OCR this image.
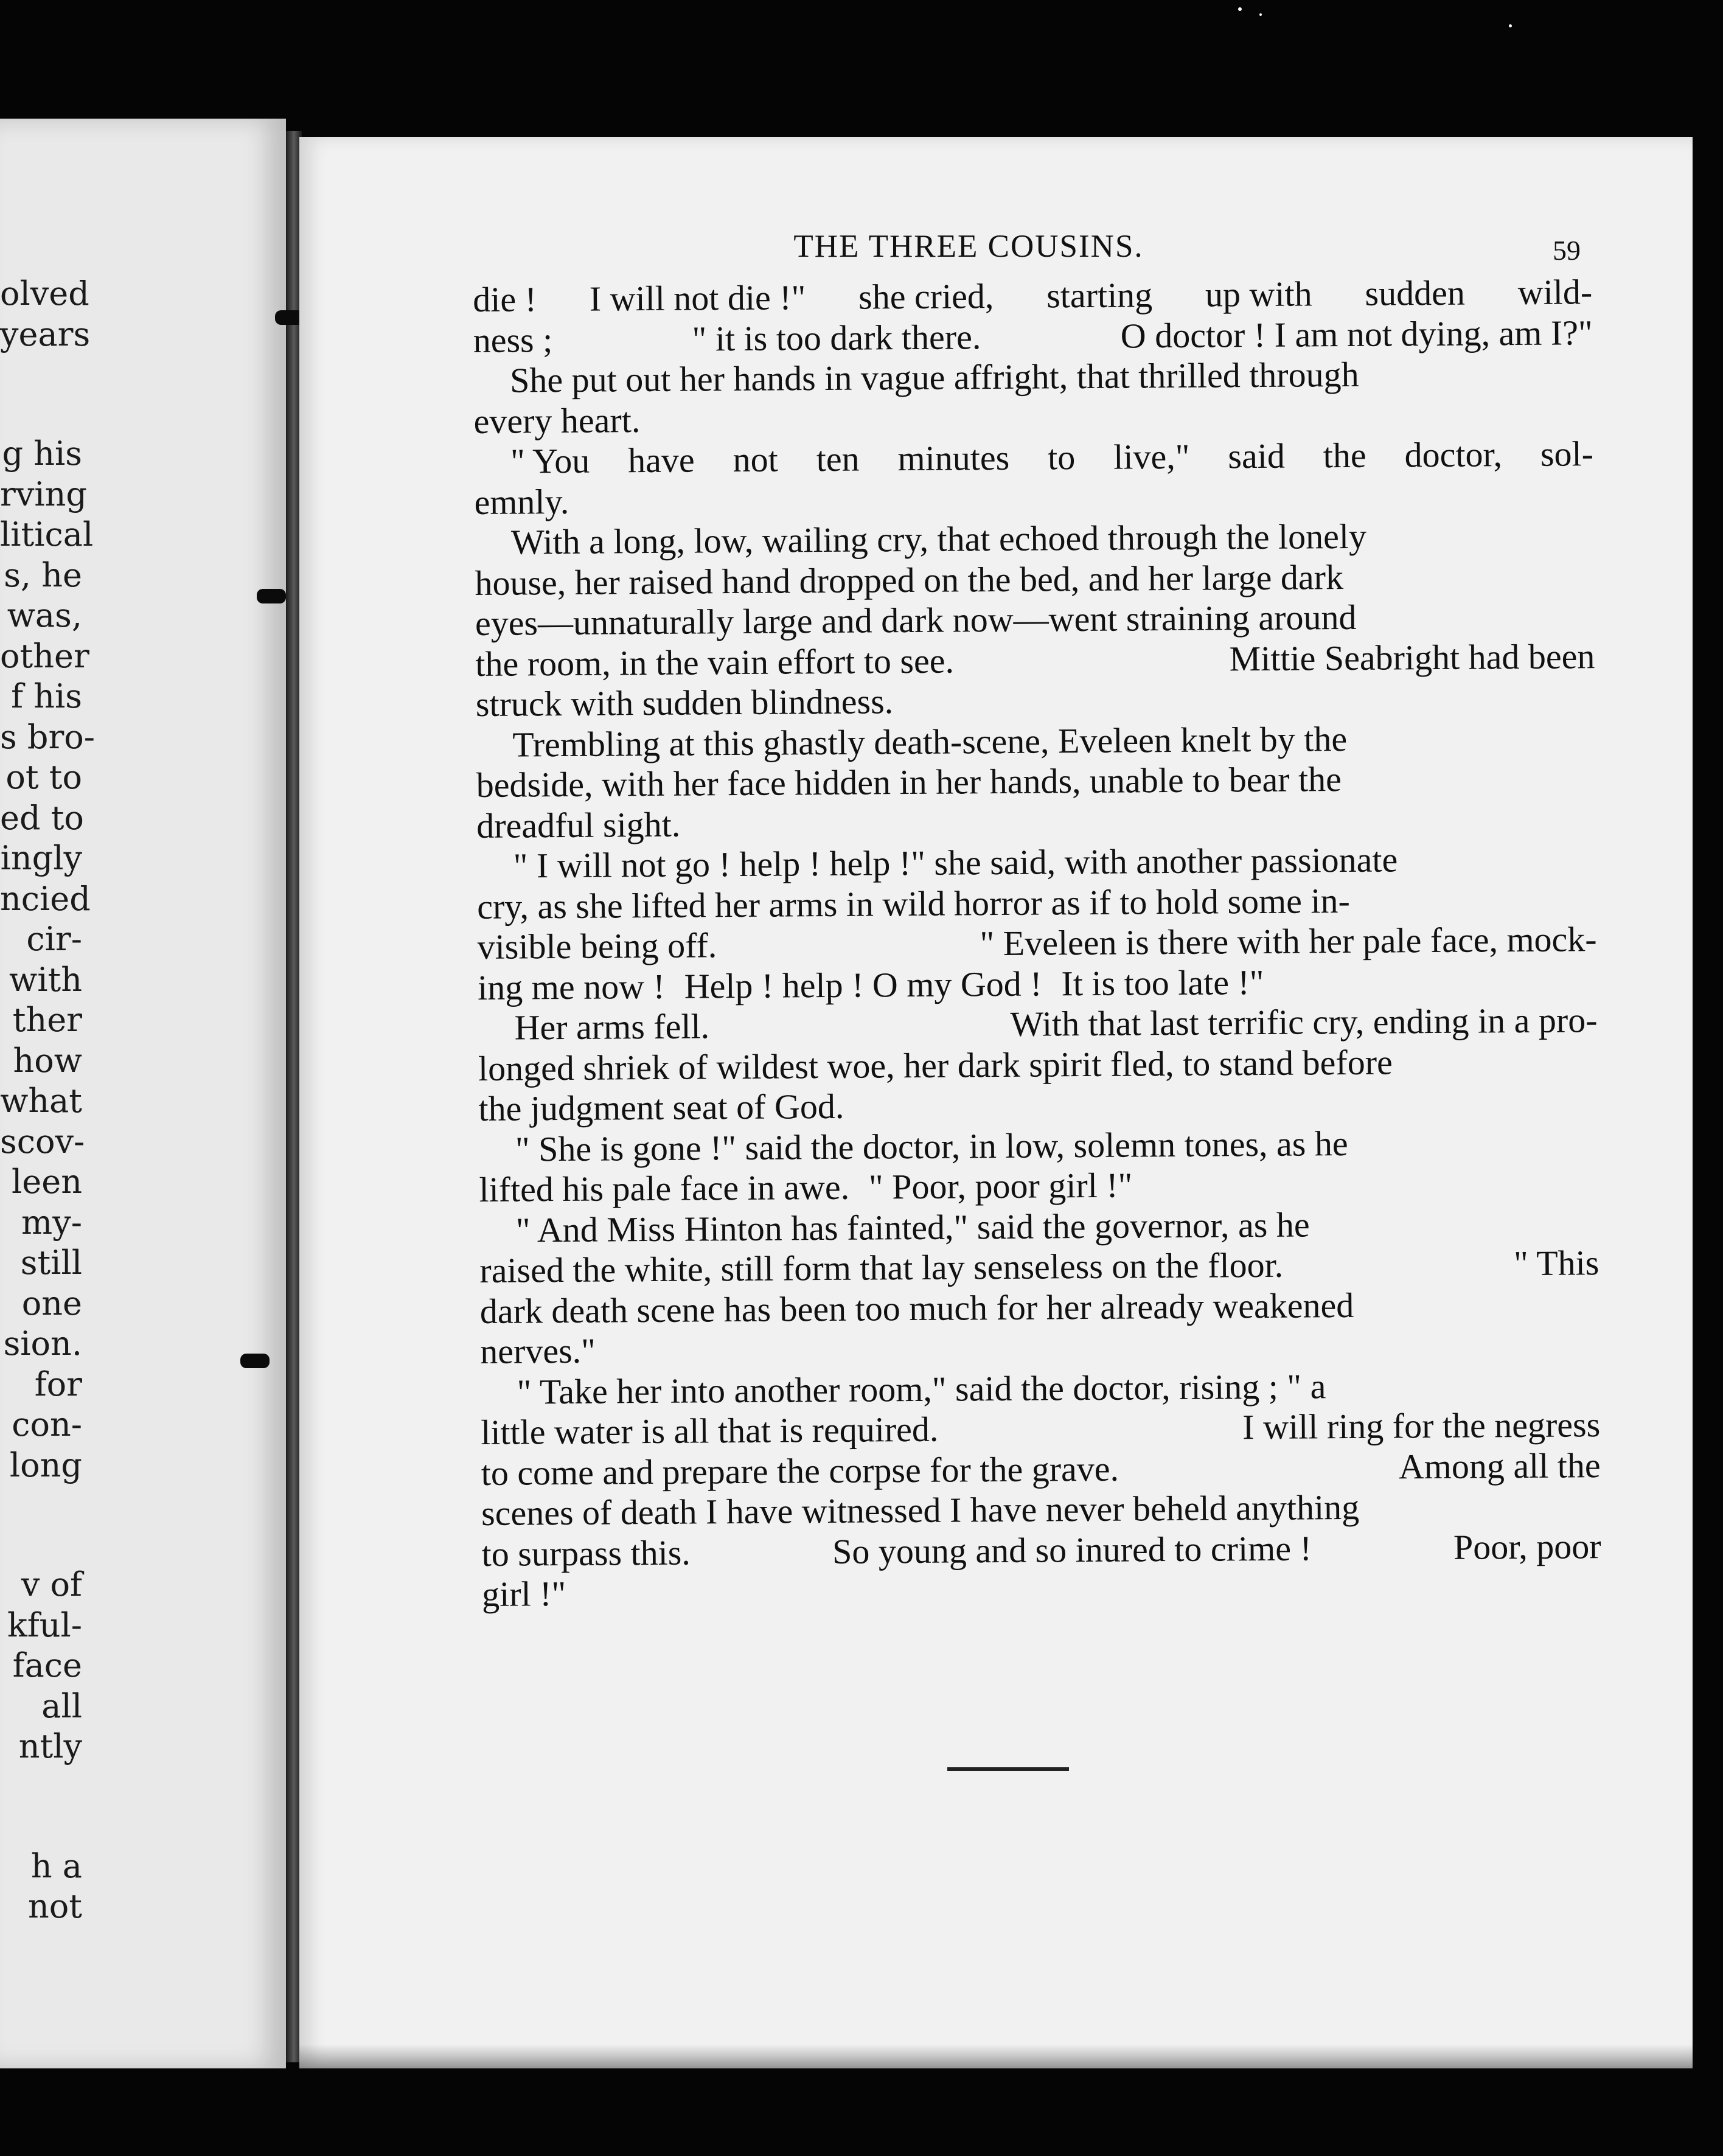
olved
years
g his
rving
litical
s, he
was,
other
f his
s bro-
ot to
ed to
ingly
ncied
cir-
with
ther
how
what
scov-
leen
my-
still
one
sion.
for
con-
long
v of
kful-
face
all
ntly
h a
not
THE THREE COUSINS.	59
die ! I will not die !" she cried, starting up with sudden wild-
ness ;	" it is too dark there.	O doctor ! I am not dying, am I?"
She put out her hands in vague affright, that thrilled through
every heart.
" You have not ten minutes to live," said the doctor, sol-
emnly.
With a long, low, wailing cry, that echoed through the lonely
house, her raised hand dropped on the bed, and her large dark
eyes—unnaturally large and dark now—went straining around
the room, in the vain effort to see.	Mittie Seabright had been
struck with sudden blindness.
Trembling at this ghastly death-scene, Eveleen knelt by the
bedside, with her face hidden in her hands, unable to bear the
dreadful sight.
" I will not go ! help ! help !" she said, with another passionate
cry, as she lifted her arms in wild horror as if to hold some in-
visible being off.	" Eveleen is there with her pale face, mock-
ing me now ! Help ! help ! O my God ! It is too late !"
Her arms fell.	With that last terrific cry, ending in a pro-
longed shriek of wildest woe, her dark spirit fled, to stand before
the judgment seat of God.
" She is gone !" said the doctor, in low, solemn tones, as he
lifted his pale face in awe. " Poor, poor girl !"
" And Miss Hinton has fainted," said the governor, as he
raised the white, still form that lay senseless on the floor.	" This
dark death scene has been too much for her already weakened
nerves."
" Take her into another room," said the doctor, rising ; " a
little water is all that is required.	I will ring for the negress
to come and prepare the corpse for the grave.	Among all the
scenes of death I have witnessed I have never beheld anything
to surpass this.	So young and so inured to crime !	Poor, poor
girl !"
